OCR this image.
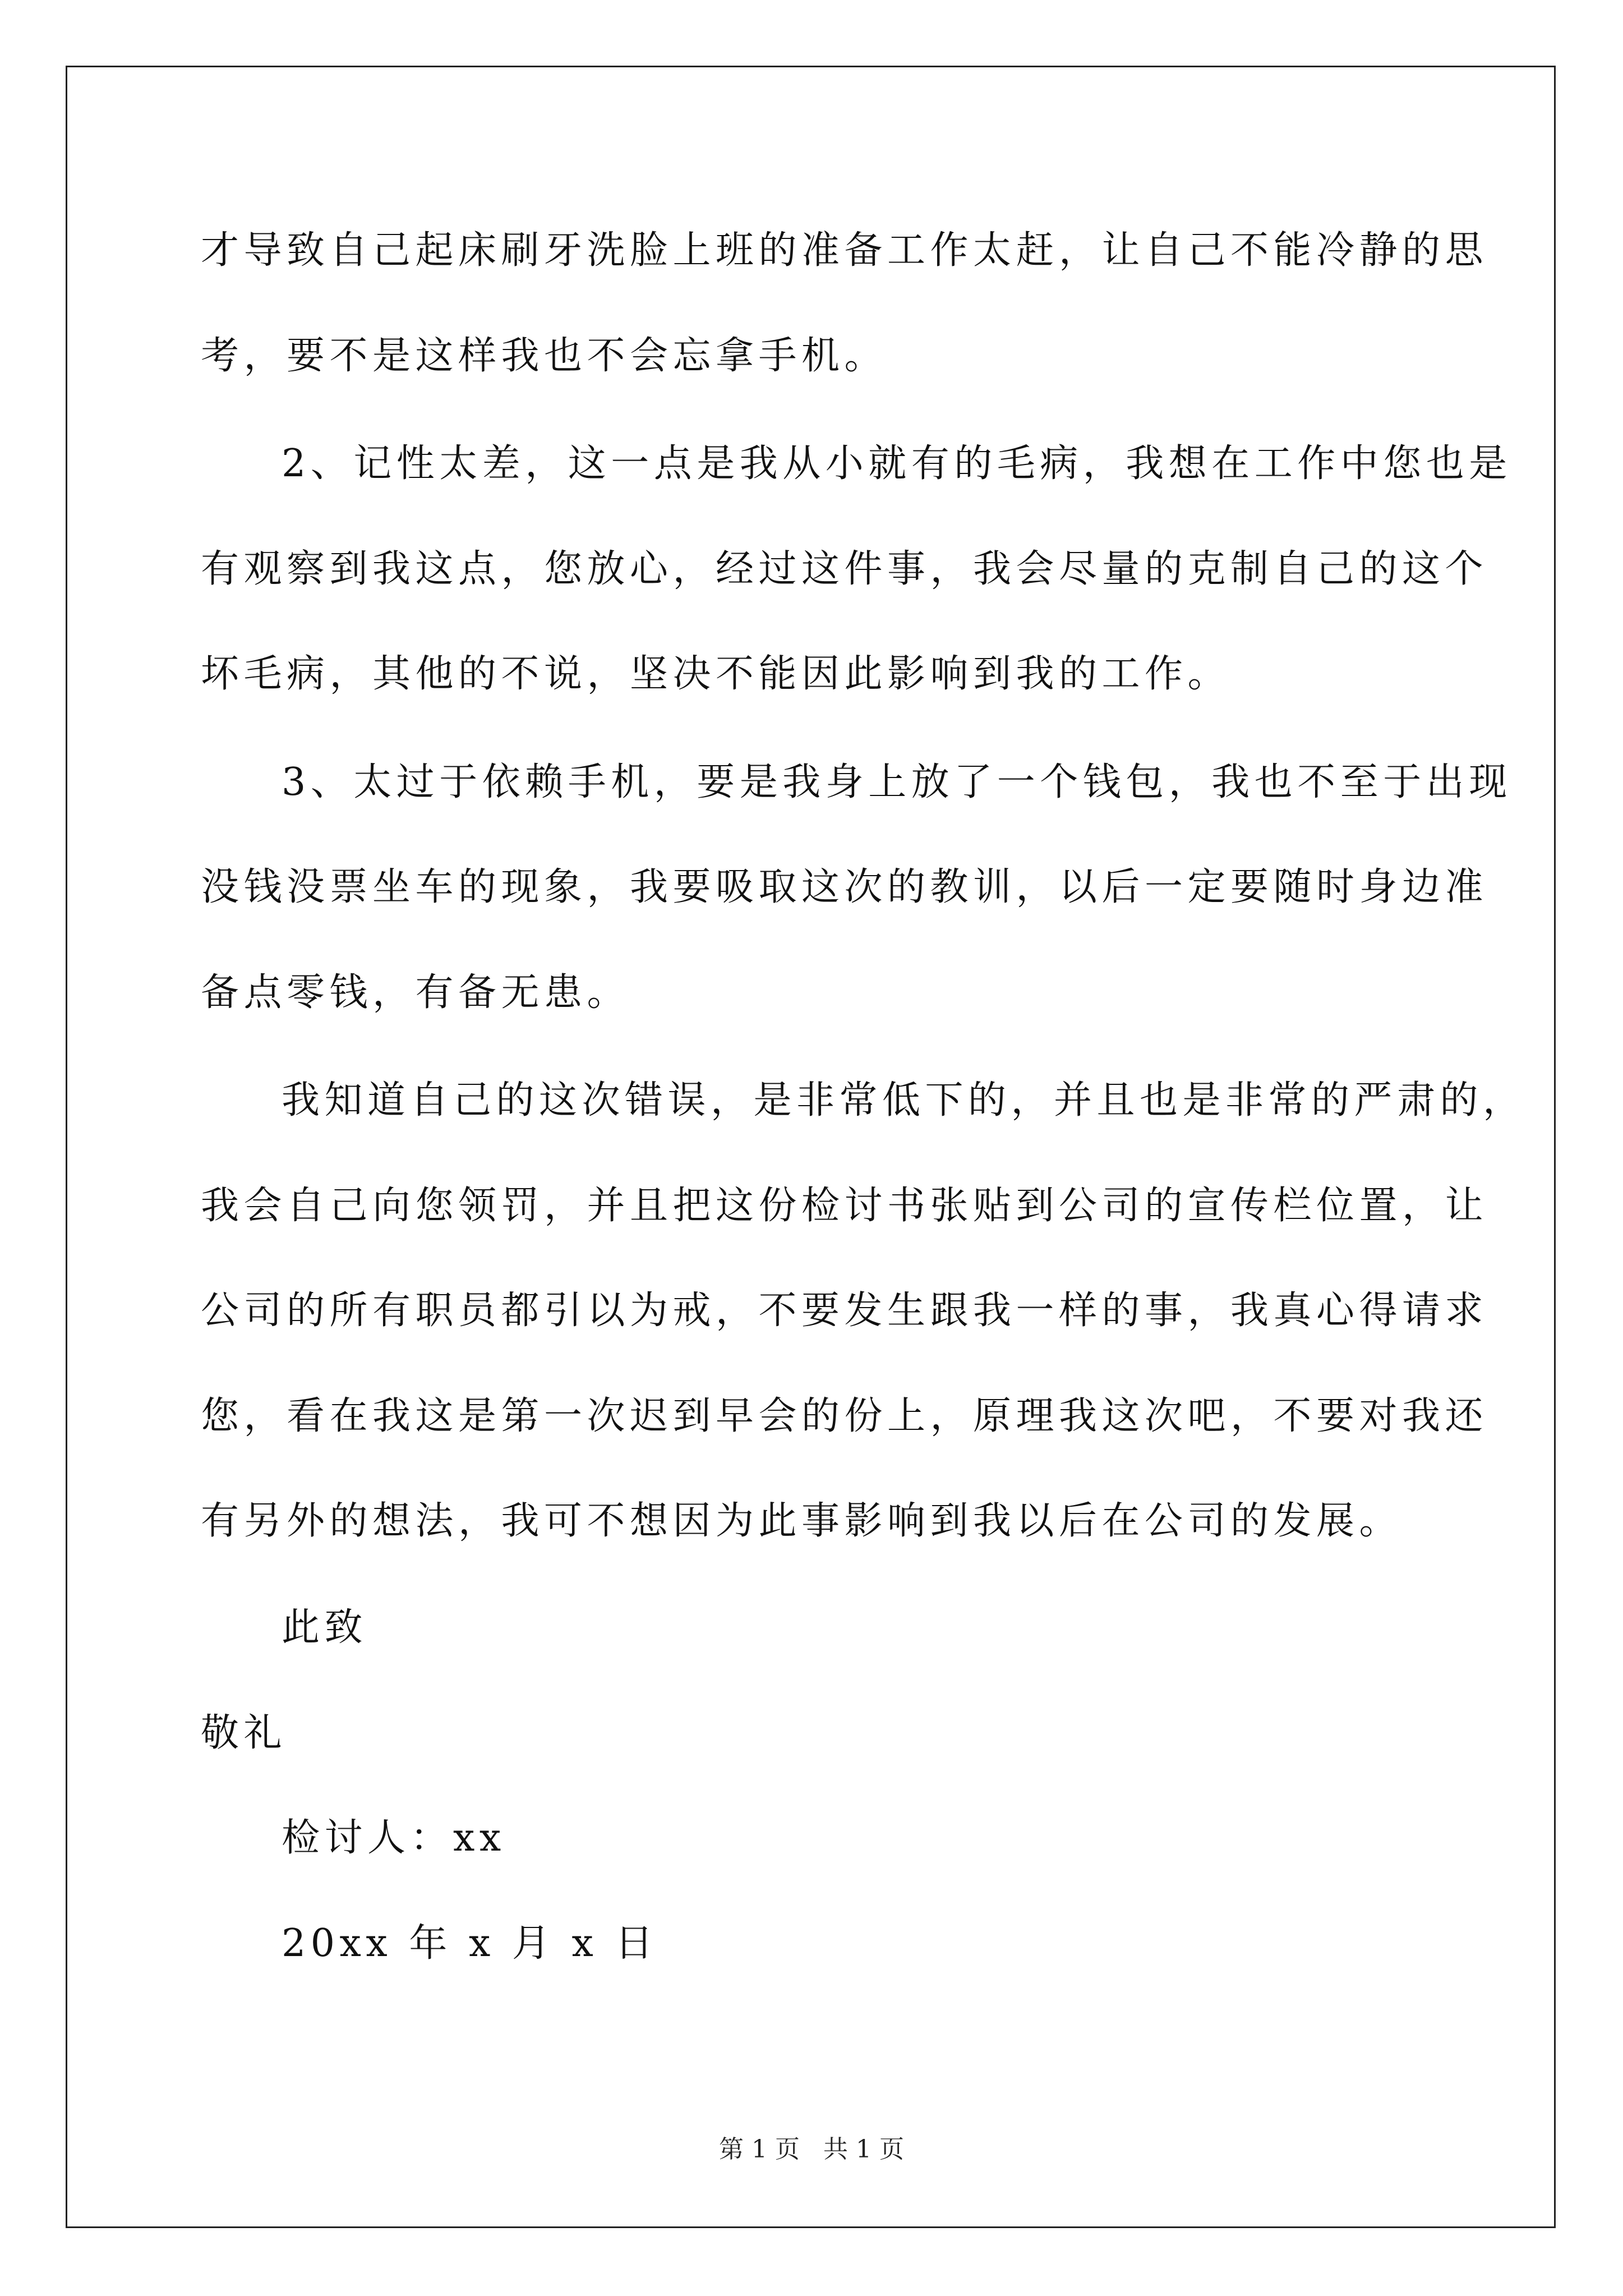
才导致自己起床刷牙洗脸上班的准备工作太赶，让自己不能冷静的思
考，要不是这样我也不会忘拿手机。
2、记性太差，这一点是我从小就有的毛病，我想在工作中您也是
有观察到我这点，您放心，经过这件事，我会尽量的克制自己的这个
坏毛病，其他的不说，坚决不能因此影响到我的工作。
3、太过于依赖手机，要是我身上放了一个钱包，我也不至于出现
没钱没票坐车的现象，我要吸取这次的教训，以后一定要随时身边准
备点零钱，有备无患。
我知道自己的这次错误，是非常低下的，并且也是非常的严肃的，
我会自己向您领罚，并且把这份检讨书张贴到公司的宣传栏位置，让
公司的所有职员都引以为戒，不要发生跟我一样的事，我真心得请求
您，看在我这是第一次迟到早会的份上，原理我这次吧，不要对我还
有另外的想法，我可不想因为此事影响到我以后在公司的发展。
此致
敬礼
检讨人：xx
20xx 年 x 月 x 日
第 1 页 共 1 页
